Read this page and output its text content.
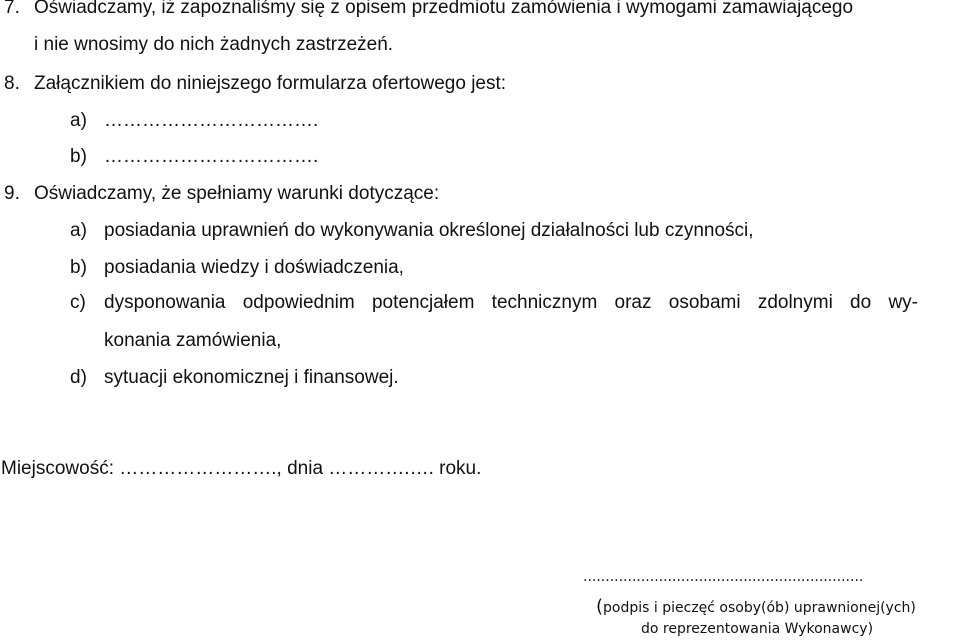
7. Oświadczamy, iż zapoznaliśmy się z opisem przedmiotu zamówienia i wymogami zamawiającego
i nie wnosimy do nich żadnych zastrzeżeń.
8. Załącznikiem do niniejszego formularza ofertowego jest:
a) …………………………….
b) …………………………….
9. Oświadczamy, że spełniamy warunki dotyczące:
a) posiadania uprawnień do wykonywania określonej działalności lub czynności,
b) posiadania wiedzy i doświadczenia,
c) dysponowania odpowiednim potencjałem technicznym oraz osobami zdolnymi do wy-
konania zamówienia,
d) sytuacji ekonomicznej i finansowej.
Miejscowość: ……………………., dnia ………….…. roku.
...............................................................
(podpis i pieczęć osoby(ób) uprawnionej(ych)
do reprezentowania Wykonawcy)
